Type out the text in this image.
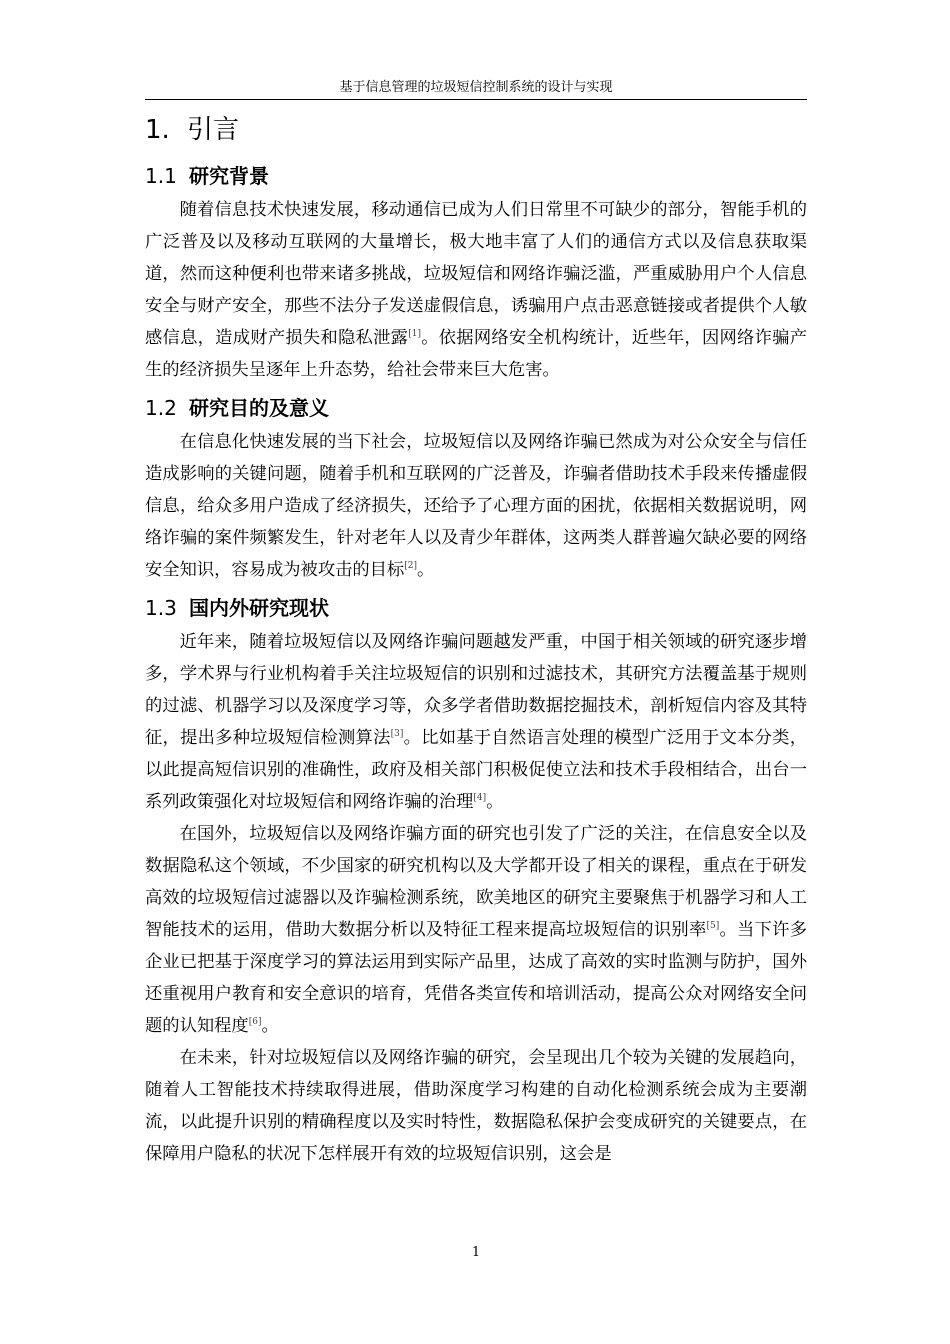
基于信息管理的垃圾短信控制系统的设计与实现
1. 引言
1.1 研究背景

随着信息技术快速发展，移动通信已成为人们日常里不可缺少的部分，智能手机的广泛普及以及移动互联网的大量增长，极大地丰富了人们的通信方式以及信息获取渠道，然而这种便利也带来诸多挑战，垃圾短信和网络诈骗泛滥，严重威胁用户个人信息安全与财产安全，那些不法分子发送虚假信息，诱骗用户点击恶意链接或者提供个人敏感信息，造成财产损失和隐私泄露[1]。依据网络安全机构统计，近些年，因网络诈骗产生的经济损失呈逐年上升态势，给社会带来巨大危害。

1.2 研究目的及意义

在信息化快速发展的当下社会，垃圾短信以及网络诈骗已然成为对公众安全与信任造成影响的关键问题，随着手机和互联网的广泛普及，诈骗者借助技术手段来传播虚假信息，给众多用户造成了经济损失，还给予了心理方面的困扰，依据相关数据说明，网络诈骗的案件频繁发生，针对老年人以及青少年群体，这两类人群普遍欠缺必要的网络安全知识，容易成为被攻击的目标[2]。

1.3 国内外研究现状

近年来，随着垃圾短信以及网络诈骗问题越发严重，中国于相关领域的研究逐步增多，学术界与行业机构着手关注垃圾短信的识别和过滤技术，其研究方法覆盖基于规则的过滤、机器学习以及深度学习等，众多学者借助数据挖掘技术，剖析短信内容及其特征，提出多种垃圾短信检测算法[3]。比如基于自然语言处理的模型广泛用于文本分类，以此提高短信识别的准确性，政府及相关部门积极促使立法和技术手段相结合，出台一系列政策强化对垃圾短信和网络诈骗的治理[4]。

在国外，垃圾短信以及网络诈骗方面的研究也引发了广泛的关注，在信息安全以及数据隐私这个领域，不少国家的研究机构以及大学都开设了相关的课程，重点在于研发高效的垃圾短信过滤器以及诈骗检测系统，欧美地区的研究主要聚焦于机器学习和人工智能技术的运用，借助大数据分析以及特征工程来提高垃圾短信的识别率[5]。当下许多企业已把基于深度学习的算法运用到实际产品里，达成了高效的实时监测与防护，国外还重视用户教育和安全意识的培育，凭借各类宣传和培训活动，提高公众对网络安全问题的认知程度[6]。

在未来，针对垃圾短信以及网络诈骗的研究，会呈现出几个较为关键的发展趋向，随着人工智能技术持续取得进展，借助深度学习构建的自动化检测系统会成为主要潮流，以此提升识别的精确程度以及实时特性，数据隐私保护会变成研究的关键要点，在保障用户隐私的状况下怎样展开有效的垃圾短信识别，这会是

1
